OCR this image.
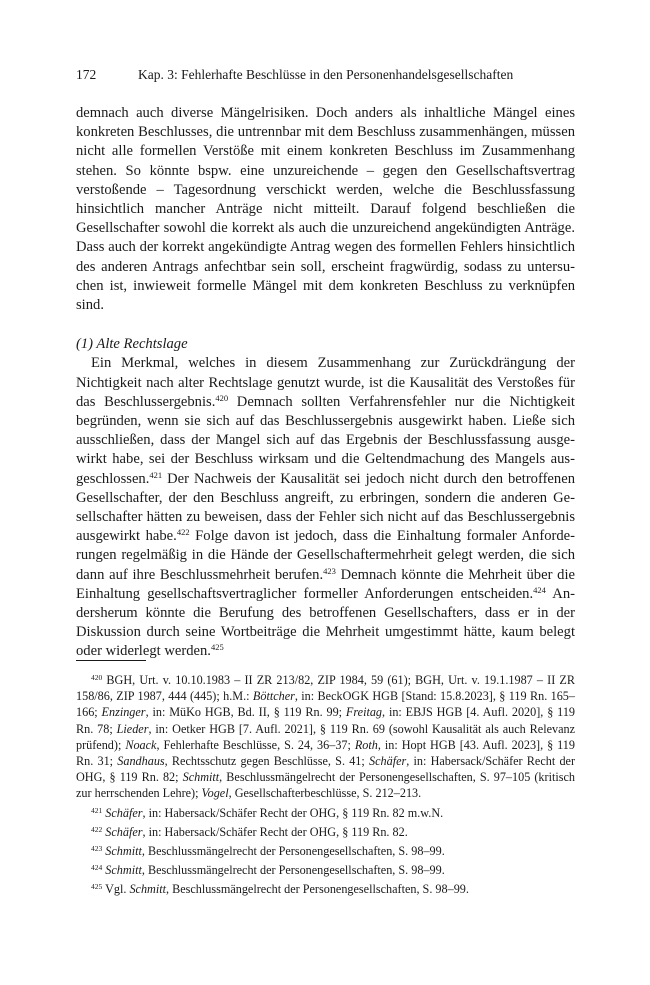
172	Kap. 3: Fehlerhafte Beschlüsse in den Personenhandelsgesellschaften

demnach auch diverse Mängelrisiken. Doch anders als inhaltliche Mängel eines konkreten Beschlusses, die untrennbar mit dem Beschluss zusammenhängen, müssen nicht alle formellen Verstöße mit einem konkreten Beschluss im Zusammenhang stehen. So könnte bspw. eine unzureichende – gegen den Gesellschaftsvertrag verstoßende – Tagesordnung verschickt werden, welche die Beschlussfassung hinsichtlich mancher Anträge nicht mitteilt. Darauf folgend beschließen die Gesellschafter sowohl die korrekt als auch die unzureichend angekündigten Anträge. Dass auch der korrekt angekündigte Antrag wegen des formellen Fehlers hinsichtlich des anderen Antrags anfechtbar sein soll, erscheint fragwürdig, sodass zu untersuchen ist, inwieweit formelle Mängel mit dem konkreten Beschluss zu verknüpfen sind.

(1) Alte Rechtslage

Ein Merkmal, welches in diesem Zusammenhang zur Zurückdrängung der Nichtigkeit nach alter Rechtslage genutzt wurde, ist die Kausalität des Verstoßes für das Beschlussergebnis.$^{420}$ Demnach sollten Verfahrensfehler nur die Nichtigkeit begründen, wenn sie sich auf das Beschlussergebnis ausgewirkt haben. Ließe sich ausschließen, dass der Mangel sich auf das Ergebnis der Beschlussfassung ausgewirkt habe, sei der Beschluss wirksam und die Geltendmachung des Mangels ausgeschlossen.$^{421}$ Der Nachweis der Kausalität sei jedoch nicht durch den betroffenen Gesellschafter, der den Beschluss angreift, zu erbringen, sondern die anderen Gesellschafter hätten zu beweisen, dass der Fehler sich nicht auf das Beschlussergebnis ausgewirkt habe.$^{422}$ Folge davon ist jedoch, dass die Einhaltung formaler Anforderungen regelmäßig in die Hände der Gesellschaftermehrheit gelegt werden, die sich dann auf ihre Beschlussmehrheit berufen.$^{423}$ Demnach könnte die Mehrheit über die Einhaltung gesellschaftsvertraglicher formeller Anforderungen entscheiden.$^{424}$ Andersherum könnte die Berufung des betroffenen Gesellschafters, dass er in der Diskussion durch seine Wortbeiträge die Mehrheit umgestimmt hätte, kaum belegt oder widerlegt werden.$^{425}$

$^{420}$ BGH, Urt. v. 10.10.1983 – II ZR 213/82, ZIP 1984, 59 (61); BGH, Urt. v. 19.1.1987 – II ZR 158/86, ZIP 1987, 444 (445); h.M.: Böttcher, in: BeckOGK HGB [Stand: 15.8.2023], § 119 Rn. 165–166; Enzinger, in: MüKo HGB, Bd. II, § 119 Rn. 99; Freitag, in: EBJS HGB [4. Aufl. 2020], § 119 Rn. 78; Lieder, in: Oetker HGB [7. Aufl. 2021], § 119 Rn. 69 (sowohl Kausalität als auch Relevanz prüfend); Noack, Fehlerhafte Beschlüsse, S. 24, 36–37; Roth, in: Hopt HGB [43. Aufl. 2023], § 119 Rn. 31; Sandhaus, Rechtsschutz gegen Beschlüsse, S. 41; Schäfer, in: Habersack/Schäfer Recht der OHG, § 119 Rn. 82; Schmitt, Beschlussmängelrecht der Personengesellschaften, S. 97–105 (kritisch zur herrschenden Lehre); Vogel, Gesellschafterbeschlüsse, S. 212–213.

$^{421}$ Schäfer, in: Habersack/Schäfer Recht der OHG, § 119 Rn. 82 m.w.N.

$^{422}$ Schäfer, in: Habersack/Schäfer Recht der OHG, § 119 Rn. 82.

$^{423}$ Schmitt, Beschlussmängelrecht der Personengesellschaften, S. 98–99.

$^{424}$ Schmitt, Beschlussmängelrecht der Personengesellschaften, S. 98–99.

$^{425}$ Vgl. Schmitt, Beschlussmängelrecht der Personengesellschaften, S. 98–99.
